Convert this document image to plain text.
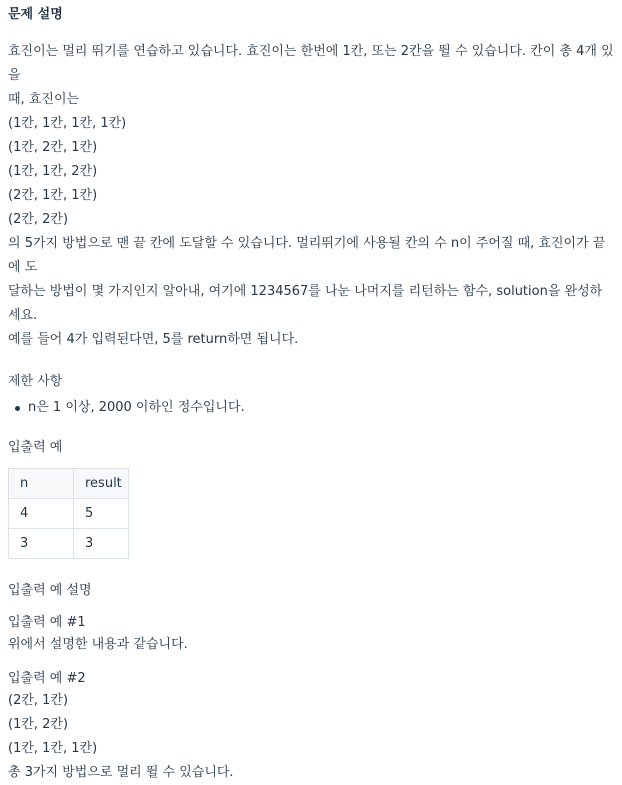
문제 설명
효진이는 멀리 뛰기를 연습하고 있습니다. 효진이는 한번에 1칸, 또는 2칸을 뛸 수 있습니다. 칸이 총 4개 있을
때, 효진이는
(1칸, 1칸, 1칸, 1칸)
(1칸, 2칸, 1칸)
(1칸, 1칸, 2칸)
(2칸, 1칸, 1칸)
(2칸, 2칸)
의 5가지 방법으로 맨 끝 칸에 도달할 수 있습니다. 멀리뛰기에 사용될 칸의 수 n이 주어질 때, 효진이가 끝에 도
달하는 방법이 몇 가지인지 알아내, 여기에 1234567를 나눈 나머지를 리턴하는 함수, solution을 완성하세요.
예를 들어 4가 입력된다면, 5를 return하면 됩니다.
제한 사항
n은 1 이상, 2000 이하인 정수입니다.
입출력 예
n	result
4	5
3	3
입출력 예 설명
입출력 예 #1
위에서 설명한 내용과 같습니다.
입출력 예 #2
(2칸, 1칸)
(1칸, 2칸)
(1칸, 1칸, 1칸)
총 3가지 방법으로 멀리 뛸 수 있습니다.
